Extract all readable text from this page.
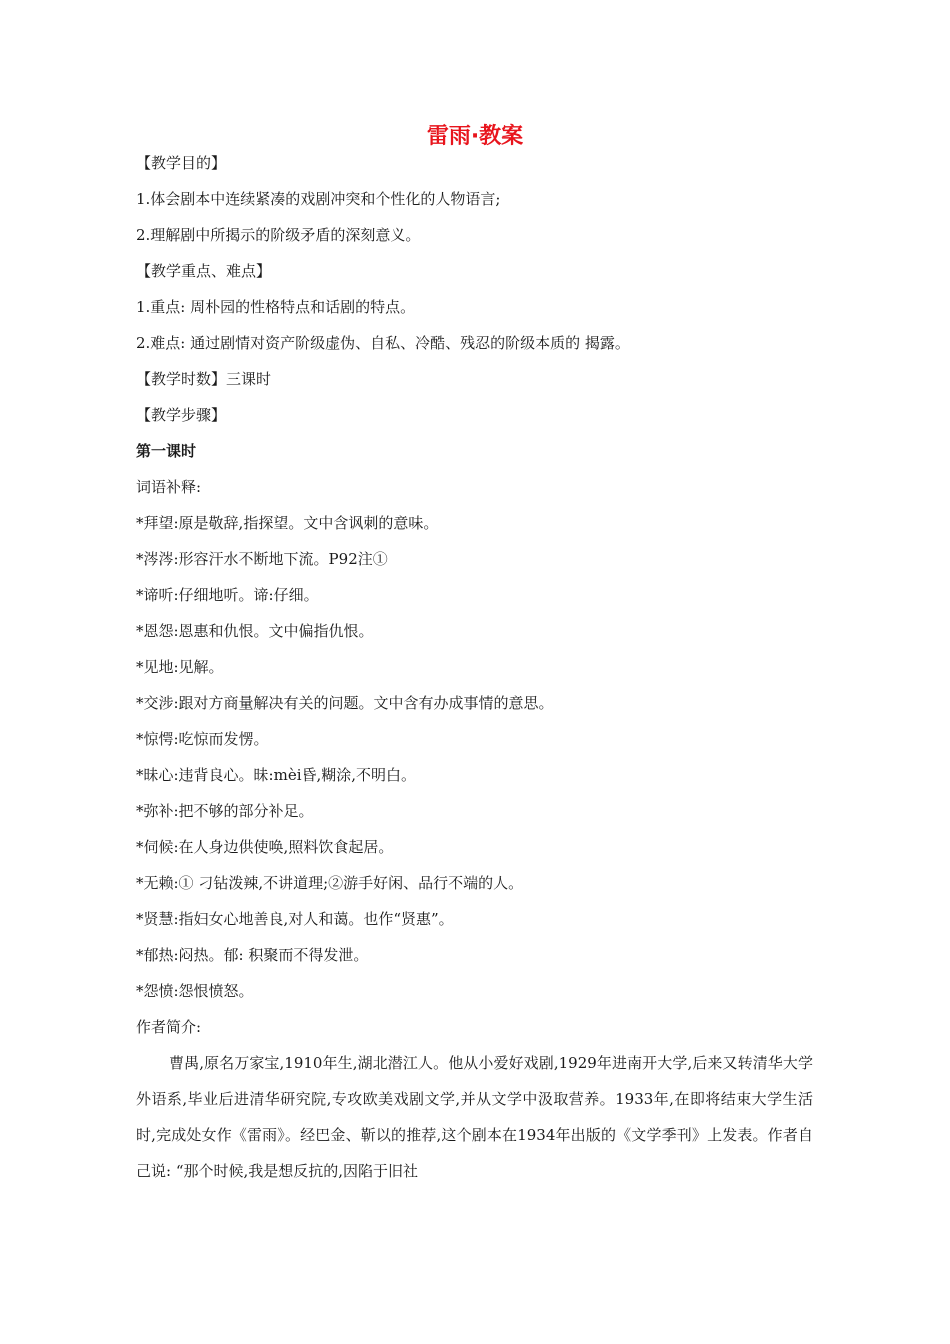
雷雨·教案

【教学目的】

1.体会剧本中连续紧凑的戏剧冲突和个性化的人物语言;

2.理解剧中所揭示的阶级矛盾的深刻意义。

【教学重点、难点】

1.重点: 周朴园的性格特点和话剧的特点。

2.难点: 通过剧情对资产阶级虚伪、自私、冷酷、残忍的阶级本质的 揭露。

【教学时数】三课时

【教学步骤】

第一课时

词语补释:

*拜望:原是敬辞,指探望。文中含讽刺的意味。

*涔涔:形容汗水不断地下流。P92注①

*谛听:仔细地听。谛:仔细。

*恩怨:恩惠和仇恨。文中偏指仇恨。

*见地:见解。

*交涉:跟对方商量解决有关的问题。文中含有办成事情的意思。

*惊愕:吃惊而发愣。

*昧心:违背良心。昧:mèi昏,糊涂,不明白。

*弥补:把不够的部分补足。

*伺候:在人身边供使唤,照料饮食起居。

*无赖:① 刁钻泼辣,不讲道理;②游手好闲、品行不端的人。

*贤慧:指妇女心地善良,对人和蔼。也作“贤惠”。

*郁热:闷热。郁: 积聚而不得发泄。

*怨愤:怨恨愤怒。

作者简介:

曹禺,原名万家宝,1910年生,湖北潜江人。他从小爱好戏剧,1929年进南开大学,后来又转清华大学外语系,毕业后进清华研究院,专攻欧美戏剧文学,并从文学中汲取营养。1933年,在即将结束大学生活时,完成处女作《雷雨》。经巴金、靳以的推荐,这个剧本在1934年出版的《文学季刊》上发表。作者自己说: “那个时候,我是想反抗的,因陷于旧社
